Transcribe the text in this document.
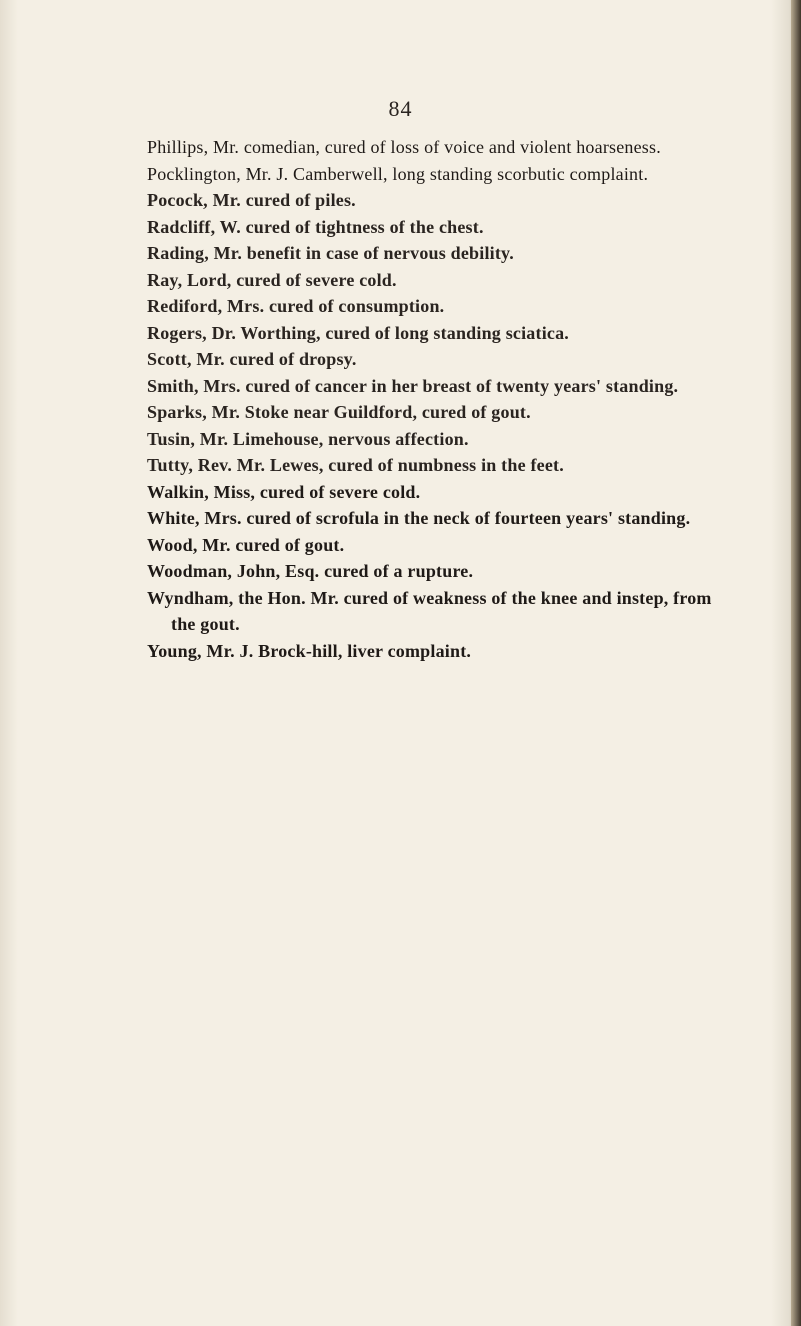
84
Phillips, Mr. comedian, cured of loss of voice and violent hoarseness.
Pocklington, Mr. J. Camberwell, long standing scorbutic complaint.
Pocock, Mr. cured of piles.
Radcliff, W. cured of tightness of the chest.
Rading, Mr. benefit in case of nervous debility.
Ray, Lord, cured of severe cold.
Rediford, Mrs. cured of consumption.
Rogers, Dr. Worthing, cured of long standing sciatica.
Scott, Mr. cured of dropsy.
Smith, Mrs. cured of cancer in her breast of twenty years' standing.
Sparks, Mr. Stoke near Guildford, cured of gout.
Tusin, Mr. Limehouse, nervous affection.
Tutty, Rev. Mr. Lewes, cured of numbness in the feet.
Walkin, Miss, cured of severe cold.
White, Mrs. cured of scrofula in the neck of fourteen years' standing.
Wood, Mr. cured of gout.
Woodman, John, Esq. cured of a rupture.
Wyndham, the Hon. Mr. cured of weakness of the knee and instep, from the gout.
Young, Mr. J. Brock-hill, liver complaint.
